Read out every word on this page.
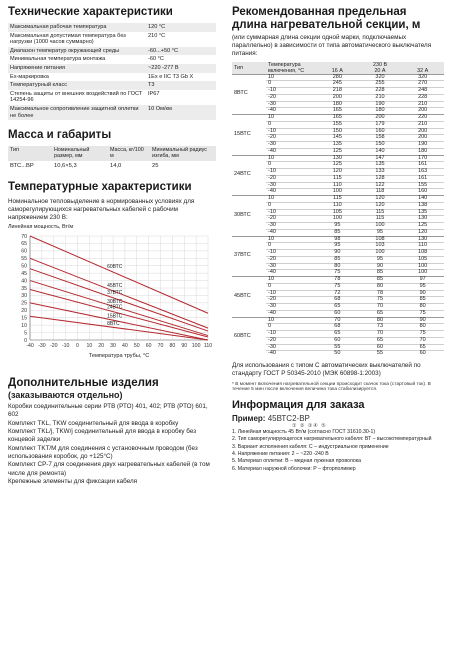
Технические характеристики
Максимальная рабочая температура	120 °С
Максимальная допустимая температура без нагрузки (1000 часов суммарно)	210 °С
Диапазон температур окружающей среды	-60...+50 °С
Минимальная температура монтажа	-60 °С
Напряжение питания	~220 -277 В
Ex-маркировка	1Ex e IIC T3 Gb X
Температурный класс	Т3
Степень защиты от внешних воздействий по ГОСТ 14254-96	IP67
Максимальное сопротивление защитной оплетки не более	10 Ом/км
Масса и габариты
Тип	Номинальный размер, мм	Масса, кг/100 м	Минимальный радиус изгиба, мм
ВТС...ВР	10,6×5,3	14,0	25
Температурные характеристики

Номинальное тепловыделение в нормированных условиях для саморегулирующихся нагревательных кабелей с рабочим напряжением 230 В:

Линейная мощность, Вт/м

-40 -30 -20 -10 0 10 20 30 40 50 60 70 80 90 100 110
0
5
10
15
20
25
30
35
40
45
50
55
60
65
70
60ВТС
45ВТС
37ВТС
30ВТС
24ВТС
15ВТС
8ВТС
Температура трубы, °С
Дополнительные изделия

(заказываются отдельно)

Коробки соединительные серии РТВ (РТО) 401, 402; РТВ (РТО) 601, 602

Комплект TKL, TKW соединительный для ввода в коробку

Комплект TKL/j, TKW/j соединительный для ввода в коробку без концевой заделки

Комплект TKT/M для соединения с установочным проводом (без использования коробок, до +125°С)

Комплект CP-7 для соединения двух нагревательных кабелей (в том числе для ремонта)

Крепежные элементы для фиксации кабеля

Рекомендованная предельная
длина нагревательной секции, м

(или суммарная длина секции одной марки, подключаемых параллельно) в зависимости от типа автоматического выключателя питания:

Тип	Температура включения, °С	230 В		
		16 А	20 А	32 А
8ВТС	10	280	320	320
	0	245	255	270
	-10	218	228	248
	-20	200	210	228
	-30	180	190	210
	-40	165	180	200
15ВТС	10	165	200	220
	0	155	179	210
	-10	150	160	200
	-20	145	158	200
	-30	135	150	190
	-40	125	140	180
24ВТС	10	130	147	170
	0	125	135	161
	-10	120	133	163
	-20	115	128	161
	-30	110	122	155
	-40	100	118	160
30ВТС	10	115	120	140
	0	110	120	138
	-10	105	115	135
	-20	100	115	130
	-30	95	100	125
	-40	85	95	120
37ВТС	10	98	108	130
	0	95	103	110
	-10	90	100	108
	-20	85	95	105
	-30	80	90	100
	-40	75	85	100
45ВТС	10	78	85	97
	0	75	80	95
	-10	72	78	90
	-20	68	75	85
	-30	65	70	80
	-40	60	65	75
60ВТС	10	70	80	90
	0	68	73	80
	-10	65	70	75
	-20	60	65	70
	-30	55	60	65
	-40	50	55	60

Для использования с типом С автоматических выключателей по стандарту ГОСТ Р 50345-2010 (МЭК 60898-1:2003)

* В момент включения нагревательной секции происходит скачок тока (стартовый ток). В течение 5 мин после включения величина тока стабилизируется.

Информация для заказа

Пример: 45ВТС2-ВР

① ② ③④ ⑤

1. Линейная мощность 45 Вт/м (согласно ГОСТ 31610.30-1)

2. Тип саморегулирующегося нагревательного кабеля: ВТ – высокотемпературный

3. Вариант исполнения кабеля: С – индустриальное применение

4. Напряжение питания: 2 – ~220 -240 В

5. Материал оплетки: В – медная луженая проволока

6. Материал наружной оболочки: Р – фторполимер
